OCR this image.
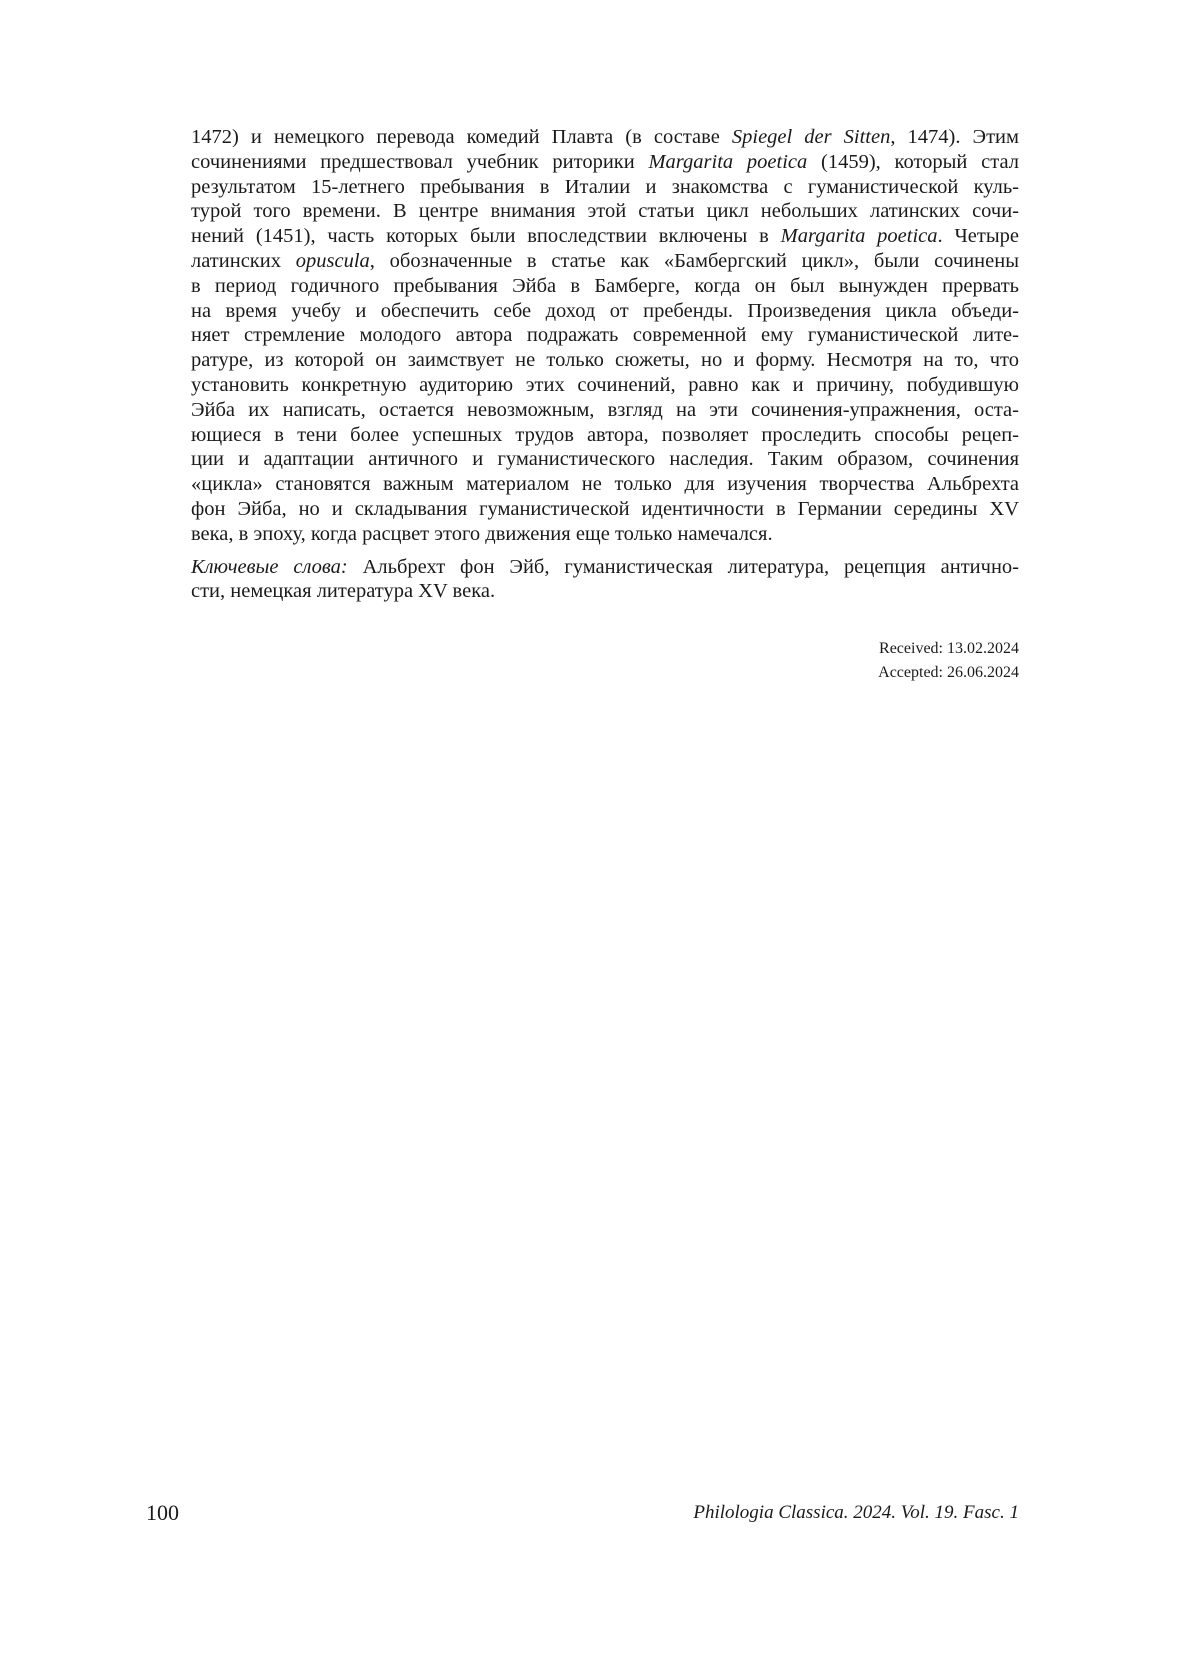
1472) и немецкого перевода комедий Плавта (в составе Spiegel der Sitten, 1474). Этим
сочинениями предшествовал учебник риторики Margarita poetica (1459), который стал
результатом 15-летнего пребывания в Италии и знакомства с гуманистической куль-
турой того времени. В центре внимания этой статьи цикл небольших латинских сочи-
нений (1451), часть которых были впоследствии включены в Margarita poetica. Четыре
латинских opuscula, обозначенные в статье как «Бамбергский цикл», были сочинены
в период годичного пребывания Эйба в Бамберге, когда он был вынужден прервать
на время учебу и обеспечить себе доход от пребенды. Произведения цикла объеди-
няет стремление молодого автора подражать современной ему гуманистической лите-
ратуре, из которой он заимствует не только сюжеты, но и форму. Несмотря на то, что
установить конкретную аудиторию этих сочинений, равно как и причину, побудившую
Эйба их написать, остается невозможным, взгляд на эти сочинения-упражнения, оста-
ющиеся в тени более успешных трудов автора, позволяет проследить способы рецеп-
ции и адаптации античного и гуманистического наследия. Таким образом, сочинения
«цикла» становятся важным материалом не только для изучения творчества Альбрехта
фон Эйба, но и складывания гуманистической идентичности в Германии середины XV
века, в эпоху, когда расцвет этого движения еще только намечался.
Ключевые слова: Альбрехт фон Эйб, гуманистическая литература, рецепция антично-
сти, немецкая литература XV века.
Received: 13.02.2024
Accepted: 26.06.2024
100	Philologia Classica. 2024. Vol. 19. Fasc. 1
